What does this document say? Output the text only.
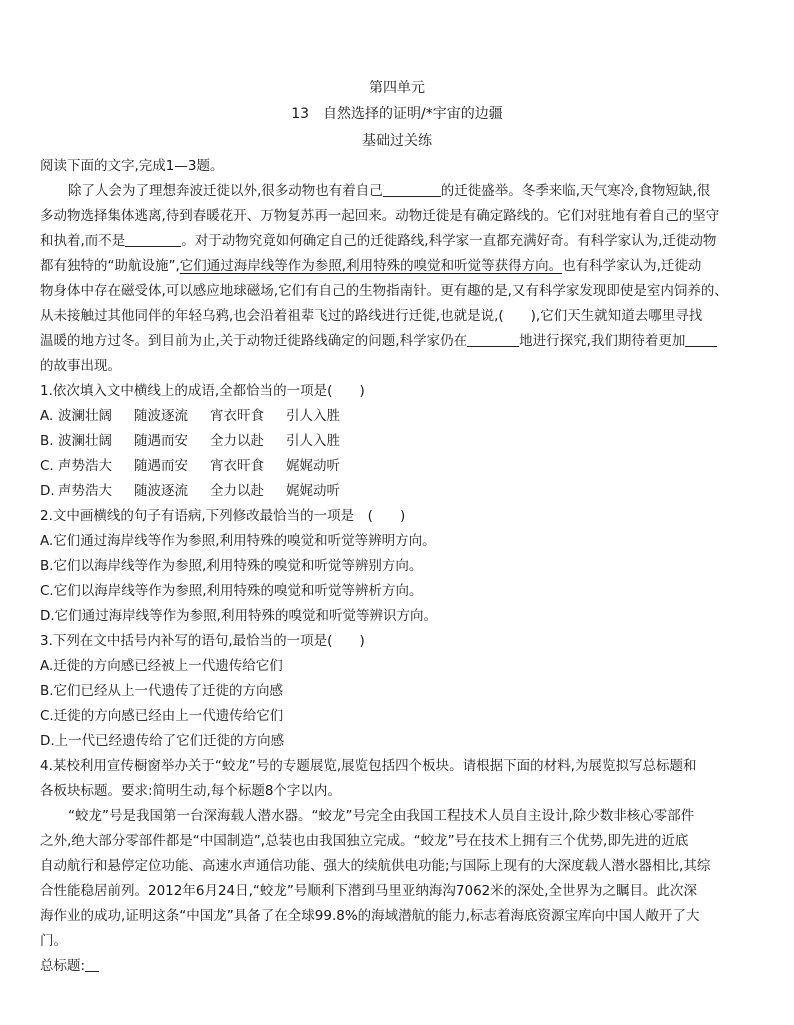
第四单元
13　自然选择的证明/*宇宙的边疆
基础过关练
阅读下面的文字,完成1—3题。
除了人会为了理想奔波迁徙以外,很多动物也有着自己	的迁徙盛举。冬季来临,天气寒冷,食物短缺,很
多动物选择集体逃离,待到春暖花开、万物复苏再一起回来。动物迁徙是有确定路线的。它们对驻地有着自己的坚守
和执着,而不是	。对于动物究竟如何确定自己的迁徙路线,科学家一直都充满好奇。有科学家认为,迁徙动物
都有独特的“助航设施”,它们通过海岸线等作为参照,利用特殊的嗅觉和听觉等获得方向。也有科学家认为,迁徙动
物身体中存在磁受体,可以感应地球磁场,它们有自己的生物指南针。更有趣的是,又有科学家发现即使是室内饲养的、
从未接触过其他同伴的年轻乌鸦,也会沿着祖辈飞过的路线进行迁徙,也就是说,(　　),它们天生就知道去哪里寻找
温暖的地方过冬。到目前为止,关于动物迁徙路线确定的问题,科学家仍在	地进行探究,我们期待着更加
的故事出现。
1.依次填入文中横线上的成语,全都恰当的一项是(　　)
A. 波澜壮阔 随波逐流 宵衣旰食 引人入胜
B. 波澜壮阔 随遇而安 全力以赴 引人入胜
C. 声势浩大 随遇而安 宵衣旰食 娓娓动听
D. 声势浩大 随波逐流 全力以赴 娓娓动听
2.文中画横线的句子有语病,下列修改最恰当的一项是　(　　)
A.它们通过海岸线等作为参照,利用特殊的嗅觉和听觉等辨明方向。
B.它们以海岸线等作为参照,利用特殊的嗅觉和听觉等辨别方向。
C.它们以海岸线等作为参照,利用特殊的嗅觉和听觉等辨析方向。
D.它们通过海岸线等作为参照,利用特殊的嗅觉和听觉等辨识方向。
3.下列在文中括号内补写的语句,最恰当的一项是(　　)
A.迁徙的方向感已经被上一代遗传给它们
B.它们已经从上一代遗传了迁徙的方向感
C.迁徙的方向感已经由上一代遗传给它们
D.上一代已经遗传给了它们迁徙的方向感
4.某校利用宣传橱窗举办关于“蛟龙”号的专题展览,展览包括四个板块。请根据下面的材料,为展览拟写总标题和
各板块标题。要求:简明生动,每个标题8个字以内。
“蛟龙”号是我国第一台深海载人潜水器。“蛟龙”号完全由我国工程技术人员自主设计,除少数非核心零部件
之外,绝大部分零部件都是“中国制造”,总装也由我国独立完成。“蛟龙”号在技术上拥有三个优势,即先进的近底
自动航行和悬停定位功能、高速水声通信功能、强大的续航供电功能;与国际上现有的大深度载人潜水器相比,其综
合性能稳居前列。2012年6月24日,“蛟龙”号顺利下潜到马里亚纳海沟7062米的深处,全世界为之瞩目。此次深
海作业的成功,证明这条“中国龙”具备了在全球99.8%的海域潜航的能力,标志着海底资源宝库向中国人敞开了大
门。
总标题:
